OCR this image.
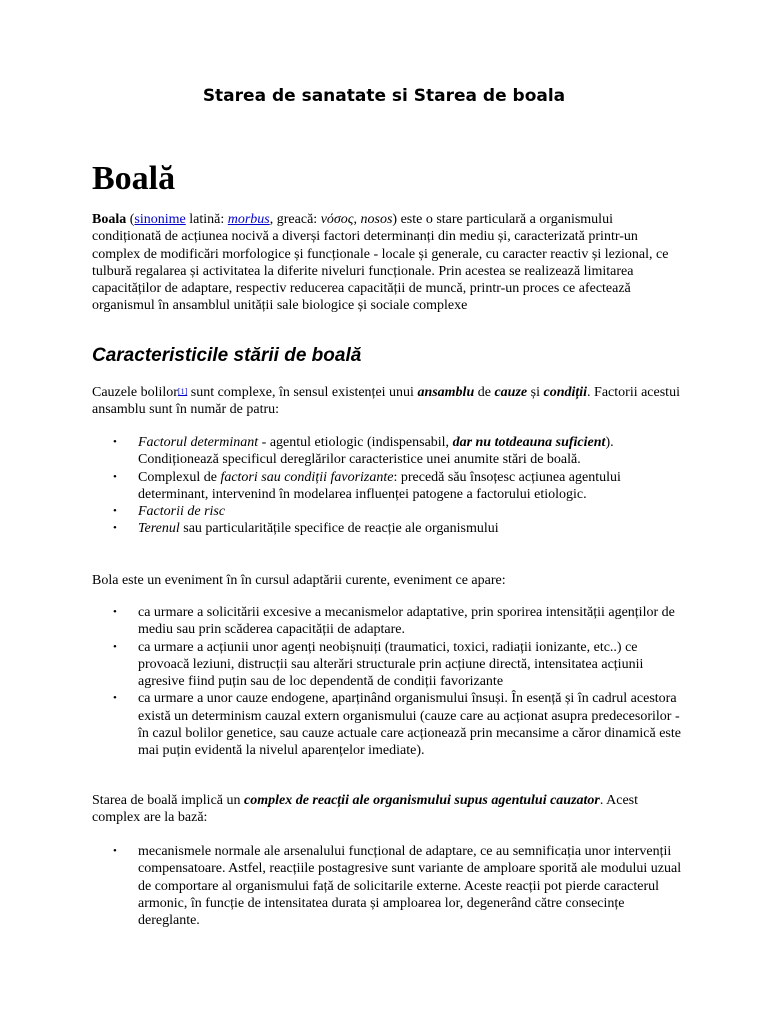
Starea de sanatate si Starea de boala
Boală

Boala (sinonime latină: morbus, greacă: νόσος, nosos) este o stare particulară a organismului condiționată de acțiunea nocivă a diverși factori determinanți din mediu și, caracterizată printr-un complex de modificări morfologice și funcționale - locale și generale, cu caracter reactiv și lezional, ce tulbură regalarea și activitatea la diferite niveluri funcționale. Prin acestea se realizează limitarea capacităților de adaptare, respectiv reducerea capacității de muncă, printr-un proces ce afectează organismul în ansamblul unității sale biologice și sociale complexe

Caracteristicile stării de boală

Cauzele bolilor[1] sunt complexe, în sensul existenței unui ansamblu de cauze și condiții. Factorii acestui ansamblu sunt în număr de patru:

• Factorul determinant - agentul etiologic (indispensabil, dar nu totdeauna suficient). Condiționează specificul dereglărilor caracteristice unei anumite stări de boală.
• Complexul de factori sau condiții favorizante: precedă său însoțesc acțiunea agentului determinant, intervenind în modelarea influenței patogene a factorului etiologic.
• Factorii de risc
• Terenul sau particularitățile specifice de reacție ale organismului

Bola este un eveniment în în cursul adaptării curente, eveniment ce apare:

• ca urmare a solicitării excesive a mecanismelor adaptative, prin sporirea intensității agenților de mediu sau prin scăderea capacității de adaptare.
• ca urmare a acțiunii unor agenți neobișnuiți (traumatici, toxici, radiații ionizante, etc..) ce provoacă leziuni, distrucții sau alterări structurale prin acțiune directă, intensitatea acțiunii agresive fiind puțin sau de loc dependentă de condiții favorizante
• ca urmare a unor cauze endogene, aparținând organismului însuși. În esență și în cadrul acestora există un determinism cauzal extern organismului (cauze care au acționat asupra predecesorilor - în cazul bolilor genetice, sau cauze actuale care acționează prin mecansime a căror dinamică este mai puțin evidentă la nivelul aparențelor imediate).

Starea de boală implică un complex de reacții ale organismului supus agentului cauzator. Acest complex are la bază:

• mecanismele normale ale arsenalului funcțional de adaptare, ce au semnificația unor intervenții compensatoare. Astfel, reacțiile postagresive sunt variante de amploare sporită ale modului uzual de comportare al organismului față de solicitarile externe. Aceste reacții pot pierde caracterul armonic, în funcție de intensitatea durata și amploarea lor, degenerând către consecințe dereglante.
